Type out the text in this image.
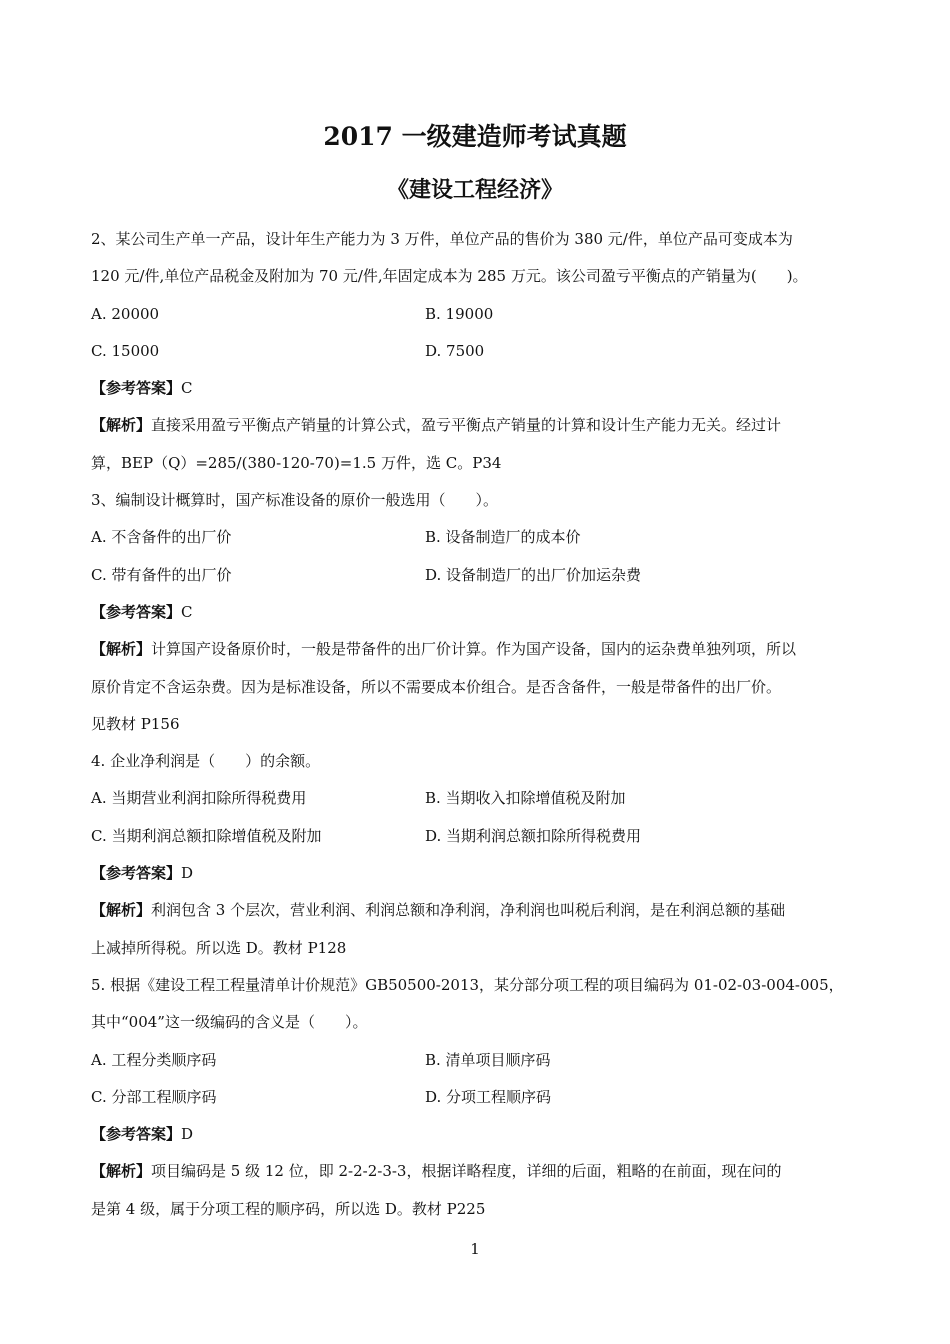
2017 一级建造师考试真题
《建设工程经济》
2、某公司生产单一产品，设计年生产能力为 3 万件，单位产品的售价为 380 元/件，单位产品可变成本为
120 元/件,单位产品税金及附加为 70 元/件,年固定成本为 285 万元。该公司盈亏平衡点的产销量为(　　)。
A. 20000	B. 19000
C. 15000	D. 7500
【参考答案】C
【解析】直接采用盈亏平衡点产销量的计算公式，盈亏平衡点产销量的计算和设计生产能力无关。经过计
算，BEP（Q）=285/(380-120-70)=1.5 万件，选 C。P34
3、编制设计概算时，国产标准设备的原价一般选用（　　）。
A. 不含备件的出厂价	B. 设备制造厂的成本价
C. 带有备件的出厂价	D. 设备制造厂的出厂价加运杂费
【参考答案】C
【解析】计算国产设备原价时，一般是带备件的出厂价计算。作为国产设备，国内的运杂费单独列项，所以
原价肯定不含运杂费。因为是标准设备，所以不需要成本价组合。是否含备件，一般是带备件的出厂价。
见教材 P156
4. 企业净利润是（　　）的余额。
A. 当期营业利润扣除所得税费用	B. 当期收入扣除增值税及附加
C. 当期利润总额扣除增值税及附加	D. 当期利润总额扣除所得税费用
【参考答案】D
【解析】利润包含 3 个层次，营业利润、利润总额和净利润，净利润也叫税后利润，是在利润总额的基础
上减掉所得税。所以选 D。教材 P128
5. 根据《建设工程工程量清单计价规范》GB50500-2013，某分部分项工程的项目编码为 01-02-03-004-005，
其中“004”这一级编码的含义是（　　）。
A. 工程分类顺序码	B. 清单项目顺序码
C. 分部工程顺序码	D. 分项工程顺序码
【参考答案】D
【解析】项目编码是 5 级 12 位，即 2-2-2-3-3，根据详略程度，详细的后面，粗略的在前面，现在问的
是第 4 级，属于分项工程的顺序码，所以选 D。教材 P225
1
